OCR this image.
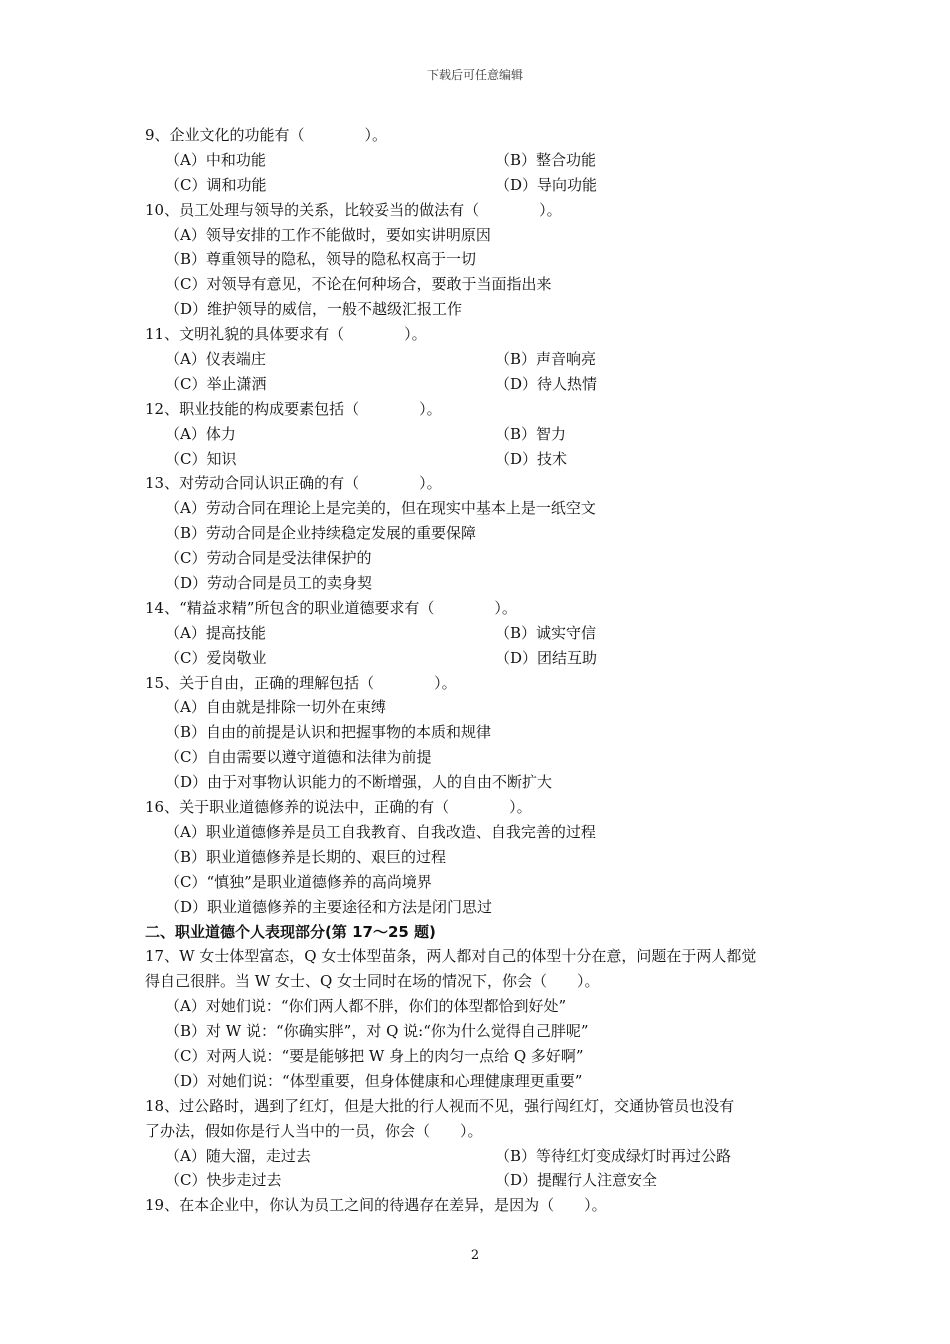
下载后可任意编辑
9、企业文化的功能有（　　　　）。
（A）中和功能	（B）整合功能
（C）调和功能	（D）导向功能
10、员工处理与领导的关系，比较妥当的做法有（　　　　）。
（A）领导安排的工作不能做时，要如实讲明原因
（B）尊重领导的隐私，领导的隐私权高于一切
（C）对领导有意见，不论在何种场合，要敢于当面指出来
（D）维护领导的威信，一般不越级汇报工作
11、文明礼貌的具体要求有（　　　　）。
（A）仪表端庄	（B）声音响亮
（C）举止潇洒	（D）待人热情
12、职业技能的构成要素包括（　　　　）。
（A）体力	（B）智力
（C）知识	（D）技术
13、对劳动合同认识正确的有（　　　　）。
（A）劳动合同在理论上是完美的，但在现实中基本上是一纸空文
（B）劳动合同是企业持续稳定发展的重要保障
（C）劳动合同是受法律保护的
（D）劳动合同是员工的卖身契
14、“精益求精”所包含的职业道德要求有（　　　　）。
（A）提高技能	（B）诚实守信
（C）爱岗敬业	（D）团结互助
15、关于自由，正确的理解包括（　　　　）。
（A）自由就是排除一切外在束缚
（B）自由的前提是认识和把握事物的本质和规律
（C）自由需要以遵守道德和法律为前提
（D）由于对事物认识能力的不断增强，人的自由不断扩大
16、关于职业道德修养的说法中，正确的有（　　　　）。
（A）职业道德修养是员工自我教育、自我改造、自我完善的过程
（B）职业道德修养是长期的、艰巨的过程
（C）“慎独”是职业道德修养的高尚境界
（D）职业道德修养的主要途径和方法是闭门思过
二、职业道德个人表现部分(第 17～25 题)
17、W 女士体型富态，Q 女士体型苗条，两人都对自己的体型十分在意，问题在于两人都觉
得自己很胖。当 W 女士、Q 女士同时在场的情况下，你会（　　）。
（A）对她们说：“你们两人都不胖，你们的体型都恰到好处”
（B）对 W 说：“你确实胖”，对 Q 说:“你为什么觉得自己胖呢”
（C）对两人说：“要是能够把 W 身上的肉匀一点给 Q 多好啊”
（D）对她们说：“体型重要，但身体健康和心理健康理更重要”
18、过公路时，遇到了红灯，但是大批的行人视而不见，强行闯红灯，交通协管员也没有
了办法，假如你是行人当中的一员，你会（　　）。
（A）随大溜，走过去	（B）等待红灯变成绿灯时再过公路
（C）快步走过去	（D）提醒行人注意安全
19、在本企业中，你认为员工之间的待遇存在差异，是因为（　　）。
2
